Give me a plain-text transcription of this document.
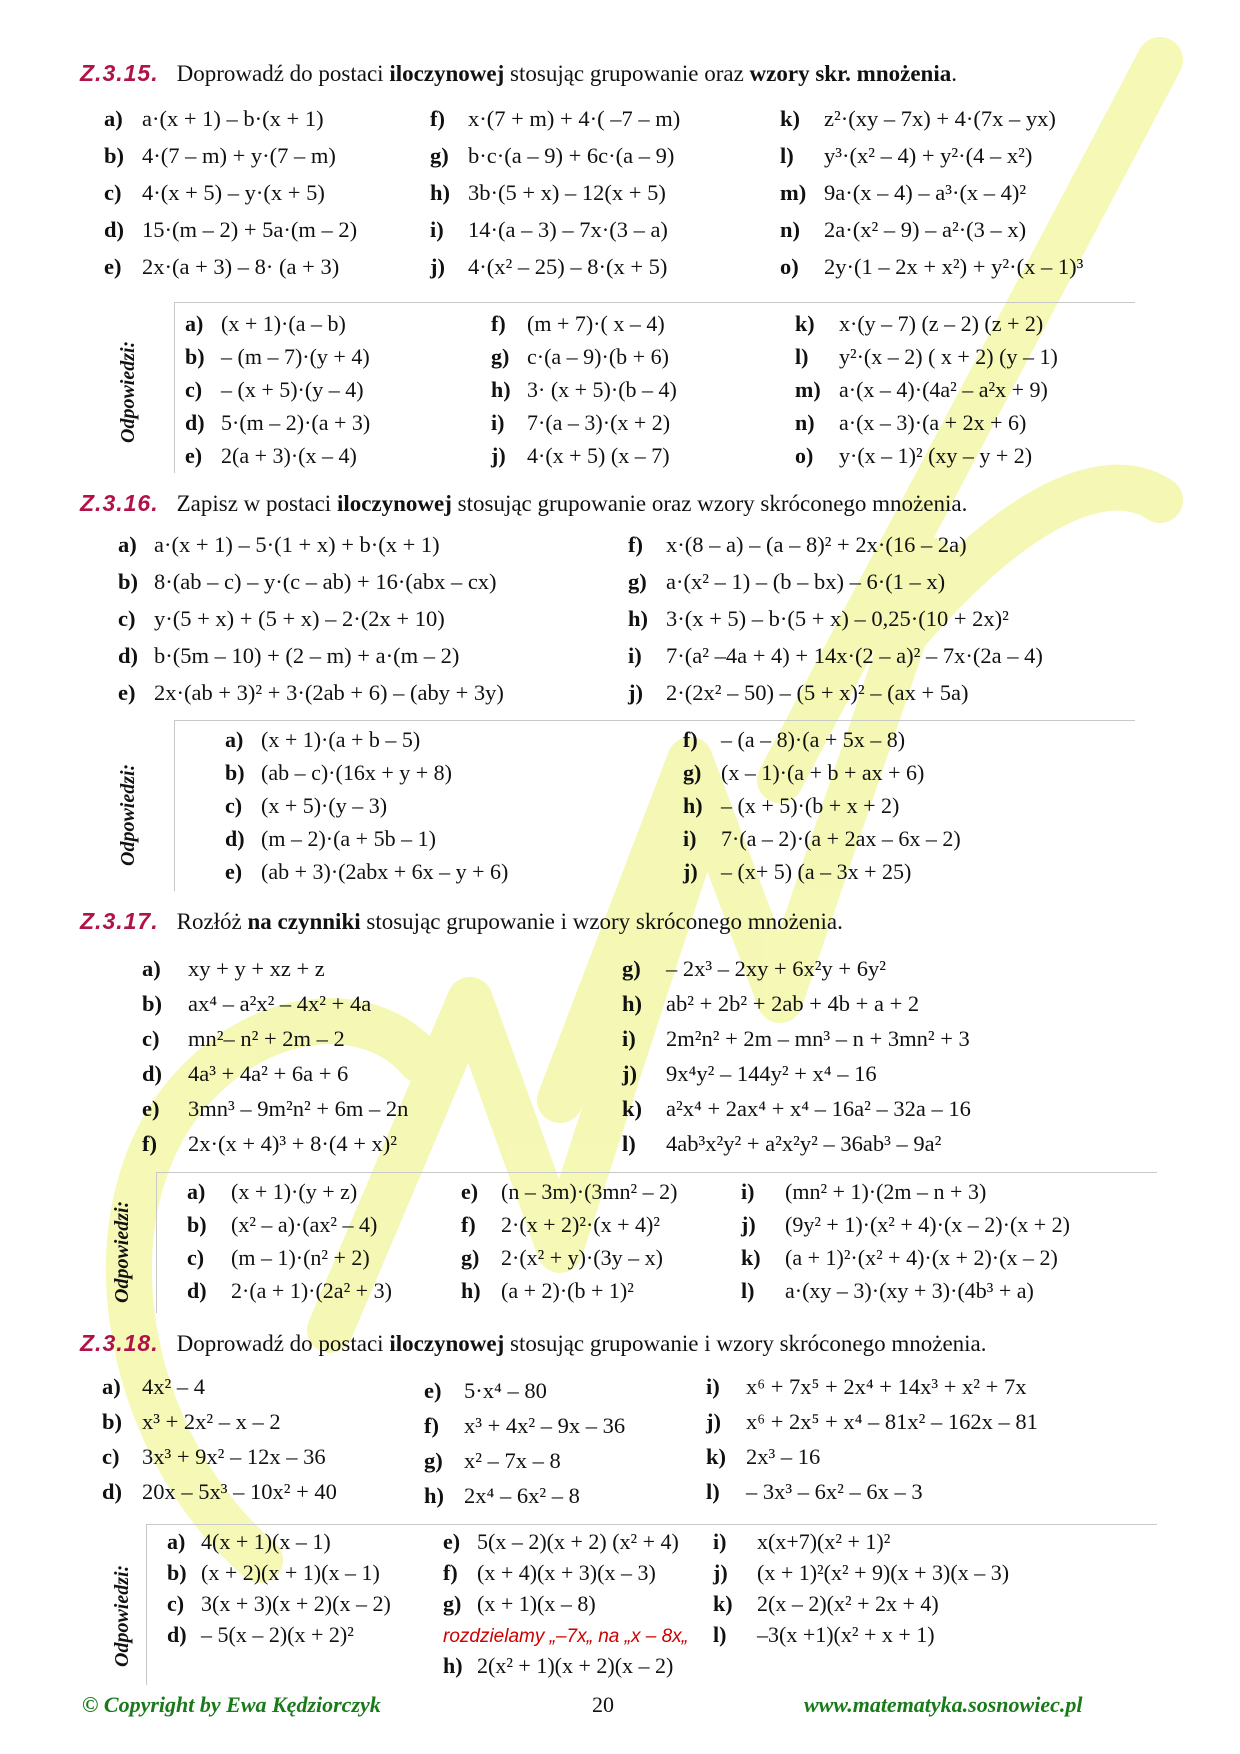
Z.3.15. Doprowadź do postaci iloczynowej stosując grupowanie oraz wzory skr. mnożenia.
a) a·(x + 1) – b·(x + 1)
b) 4·(7 – m) + y·(7 – m)
c) 4·(x + 5) – y·(x + 5)
d) 15·(m – 2) + 5a·(m – 2)
e) 2x·(a + 3) – 8· (a + 3)
f) x·(7 + m) + 4·( –7 – m)
g) b·c·(a – 9) + 6c·(a – 9)
h) 3b·(5 + x) – 12(x + 5)
i) 14·(a – 3) – 7x·(3 – a)
j) 4·(x² – 25) – 8·(x + 5)
k) z²·(xy – 7x) + 4·(7x – yx)
l) y³·(x² – 4) + y²·(4 – x²)
m) 9a·(x – 4) – a³·(x – 4)²
n) 2a·(x² – 9) – a²·(3 – x)
o) 2y·(1 – 2x + x²) + y²·(x – 1)³
Odpowiedzi:
a) (x + 1)·(a – b)
b) – (m – 7)·(y + 4)
c) – (x + 5)·(y – 4)
d) 5·(m – 2)·(a + 3)
e) 2(a + 3)·(x – 4)
f) (m + 7)·( x – 4)
g) c·(a – 9)·(b + 6)
h) 3· (x + 5)·(b – 4)
i) 7·(a – 3)·(x + 2)
j) 4·(x + 5) (x – 7)
k) x·(y – 7) (z – 2) (z + 2)
l) y²·(x – 2) ( x + 2) (y – 1)
m) a·(x – 4)·(4a² – a²x + 9)
n) a·(x – 3)·(a + 2x + 6)
o) y·(x – 1)² (xy – y + 2)
Z.3.16. Zapisz w postaci iloczynowej stosując grupowanie oraz wzory skróconego mnożenia.
a) a·(x + 1) – 5·(1 + x) + b·(x + 1)
b) 8·(ab – c) – y·(c – ab) + 16·(abx – cx)
c) y·(5 + x) + (5 + x) – 2·(2x + 10)
d) b·(5m – 10) + (2 – m) + a·(m – 2)
e) 2x·(ab + 3)² + 3·(2ab + 6) – (aby + 3y)
f) x·(8 – a) – (a – 8)² + 2x·(16 – 2a)
g) a·(x² – 1) – (b – bx) – 6·(1 – x)
h) 3·(x + 5) – b·(5 + x) – 0,25·(10 + 2x)²
i) 7·(a² –4a + 4) + 14x·(2 – a)² – 7x·(2a – 4)
j) 2·(2x² – 50) – (5 + x)² – (ax + 5a)
Odpowiedzi:
a) (x + 1)·(a + b – 5)
b) (ab – c)·(16x + y + 8)
c) (x + 5)·(y – 3)
d) (m – 2)·(a + 5b – 1)
e) (ab + 3)·(2abx + 6x – y + 6)
f) – (a – 8)·(a + 5x – 8)
g) (x – 1)·(a + b + ax + 6)
h) – (x + 5)·(b + x + 2)
i) 7·(a – 2)·(a + 2ax – 6x – 2)
j) – (x+ 5) (a – 3x + 25)
Z.3.17. Rozłóż na czynniki stosując grupowanie i wzory skróconego mnożenia.
a) xy + y + xz + z
b) ax⁴ – a²x² – 4x² + 4a
c) mn²– n² + 2m – 2
d) 4a³ + 4a² + 6a + 6
e) 3mn³ – 9m²n² + 6m – 2n
f) 2x·(x + 4)³ + 8·(4 + x)²
g) – 2x³ – 2xy + 6x²y + 6y²
h) ab² + 2b² + 2ab + 4b + a + 2
i) 2m²n² + 2m – mn³ – n + 3mn² + 3
j) 9x⁴y² – 144y² + x⁴ – 16
k) a²x⁴ + 2ax⁴ + x⁴ – 16a² – 32a – 16
l) 4ab³x²y² + a²x²y² – 36ab³ – 9a²
Odpowiedzi:
a) (x + 1)·(y + z)
b) (x² – a)·(ax² – 4)
c) (m – 1)·(n² + 2)
d) 2·(a + 1)·(2a² + 3)
e) (n – 3m)·(3mn² – 2)
f) 2·(x + 2)²·(x + 4)²
g) 2·(x² + y)·(3y – x)
h) (a + 2)·(b + 1)²
i) (mn² + 1)·(2m – n + 3)
j) (9y² + 1)·(x² + 4)·(x – 2)·(x + 2)
k) (a + 1)²·(x² + 4)·(x + 2)·(x – 2)
l) a·(xy – 3)·(xy + 3)·(4b³ + a)
Z.3.18. Doprowadź do postaci iloczynowej stosując grupowanie i wzory skróconego mnożenia.
a) 4x² – 4
b) x³ + 2x² – x – 2
c) 3x³ + 9x² – 12x – 36
d) 20x – 5x³ – 10x² + 40
e) 5·x⁴ – 80
f) x³ + 4x² – 9x – 36
g) x² – 7x – 8
h) 2x⁴ – 6x² – 8
i) x⁶ + 7x⁵ + 2x⁴ + 14x³ + x² + 7x
j) x⁶ + 2x⁵ + x⁴ – 81x² – 162x – 81
k) 2x³ – 16
l) – 3x³ – 6x² – 6x – 3
Odpowiedzi:
a) 4(x + 1)(x – 1)
b) (x + 2)(x + 1)(x – 1)
c) 3(x + 3)(x + 2)(x – 2)
d) – 5(x – 2)(x + 2)²
e) 5(x – 2)(x + 2) (x² + 4)
f) (x + 4)(x + 3)(x – 3)
g) (x + 1)(x – 8)
rozdzielamy „–7x„ na „x – 8x„
h) 2(x² + 1)(x + 2)(x – 2)
i) x(x+7)(x² + 1)²
j) (x + 1)²(x² + 9)(x + 3)(x – 3)
k) 2(x – 2)(x² + 2x + 4)
l) –3(x +1)(x² + x + 1)
© Copyright by Ewa Kędziorczyk	20	www.matematyka.sosnowiec.pl
